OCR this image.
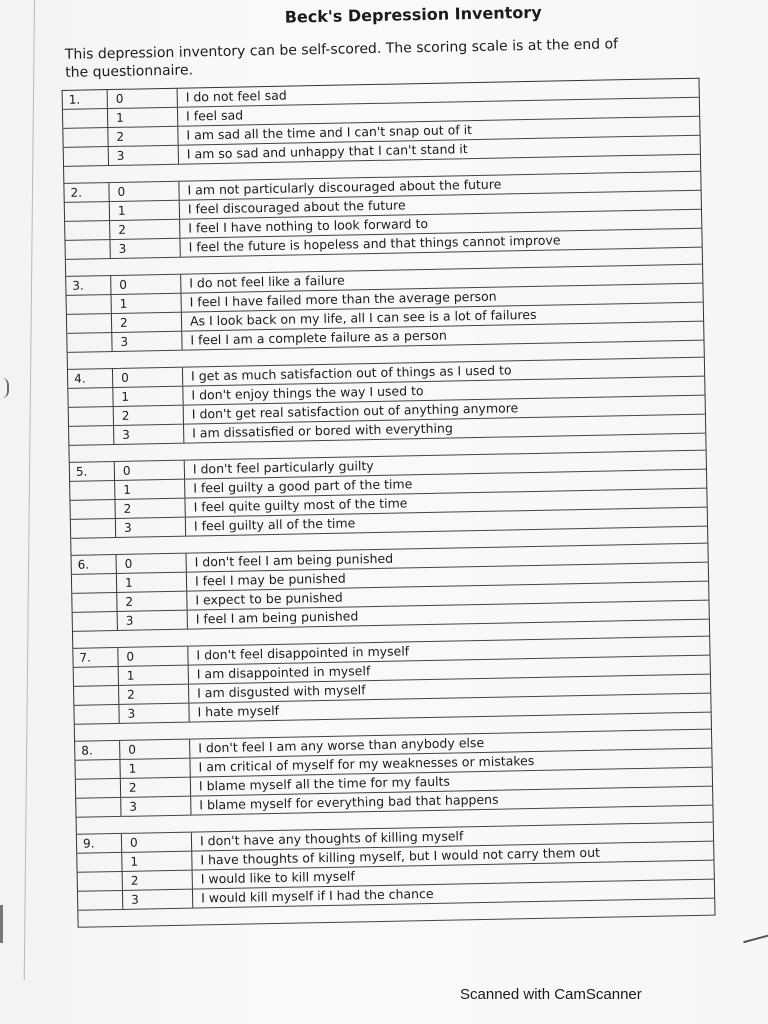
Beck's Depression Inventory
This depression inventory can be self-scored. The scoring scale is at the end of the questionnaire.
1.	0	I do not feel sad
1	I feel sad
2	I am sad all the time and I can't snap out of it
3	I am so sad and unhappy that I can't stand it
2.	0	I am not particularly discouraged about the future
1	I feel discouraged about the future
2	I feel I have nothing to look forward to
3	I feel the future is hopeless and that things cannot improve
3.	0	I do not feel like a failure
1	I feel I have failed more than the average person
2	As I look back on my life, all I can see is a lot of failures
3	I feel I am a complete failure as a person
4.	0	I get as much satisfaction out of things as I used to
1	I don't enjoy things the way I used to
2	I don't get real satisfaction out of anything anymore
3	I am dissatisfied or bored with everything
5.	0	I don't feel particularly guilty
1	I feel guilty a good part of the time
2	I feel quite guilty most of the time
3	I feel guilty all of the time
6.	0	I don't feel I am being punished
1	I feel I may be punished
2	I expect to be punished
3	I feel I am being punished
7.	0	I don't feel disappointed in myself
1	I am disappointed in myself
2	I am disgusted with myself
3	I hate myself
8.	0	I don't feel I am any worse than anybody else
1	I am critical of myself for my weaknesses or mistakes
2	I blame myself all the time for my faults
3	I blame myself for everything bad that happens
9.	0	I don't have any thoughts of killing myself
1	I have thoughts of killing myself, but I would not carry them out
2	I would like to kill myself
3	I would kill myself if I had the chance
Scanned with CamScanner
